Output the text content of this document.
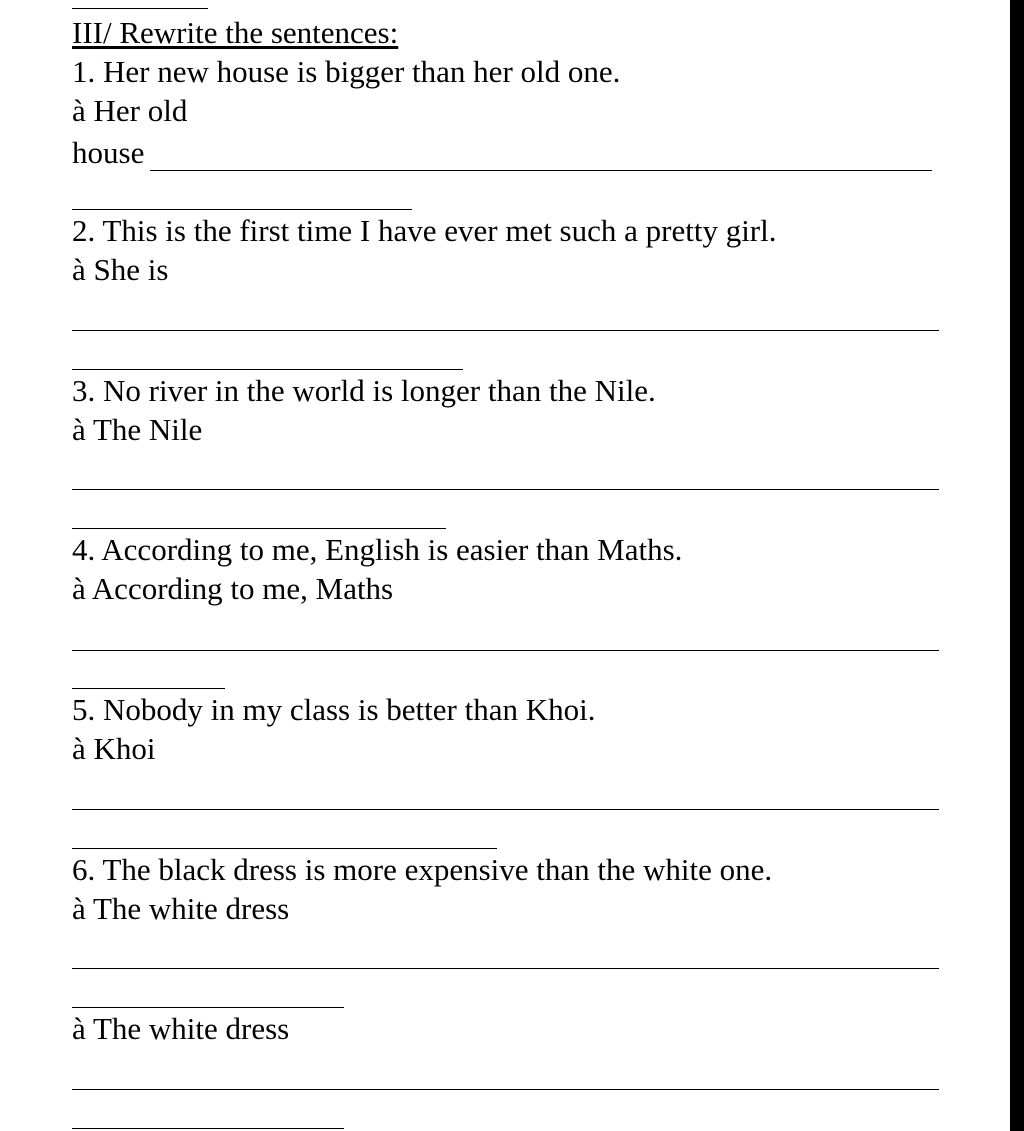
III/ Rewrite the sentences:
1. Her new house is bigger than her old one.
à Her old
house
2. This is the first time I have ever met such a pretty girl.
à She is
3. No river in the world is longer than the Nile.
à The Nile
4. According to me, English is easier than Maths.
à According to me, Maths
5. Nobody in my class is better than Khoi.
à Khoi
6. The black dress is more expensive than the white one.
à The white dress
à The white dress
